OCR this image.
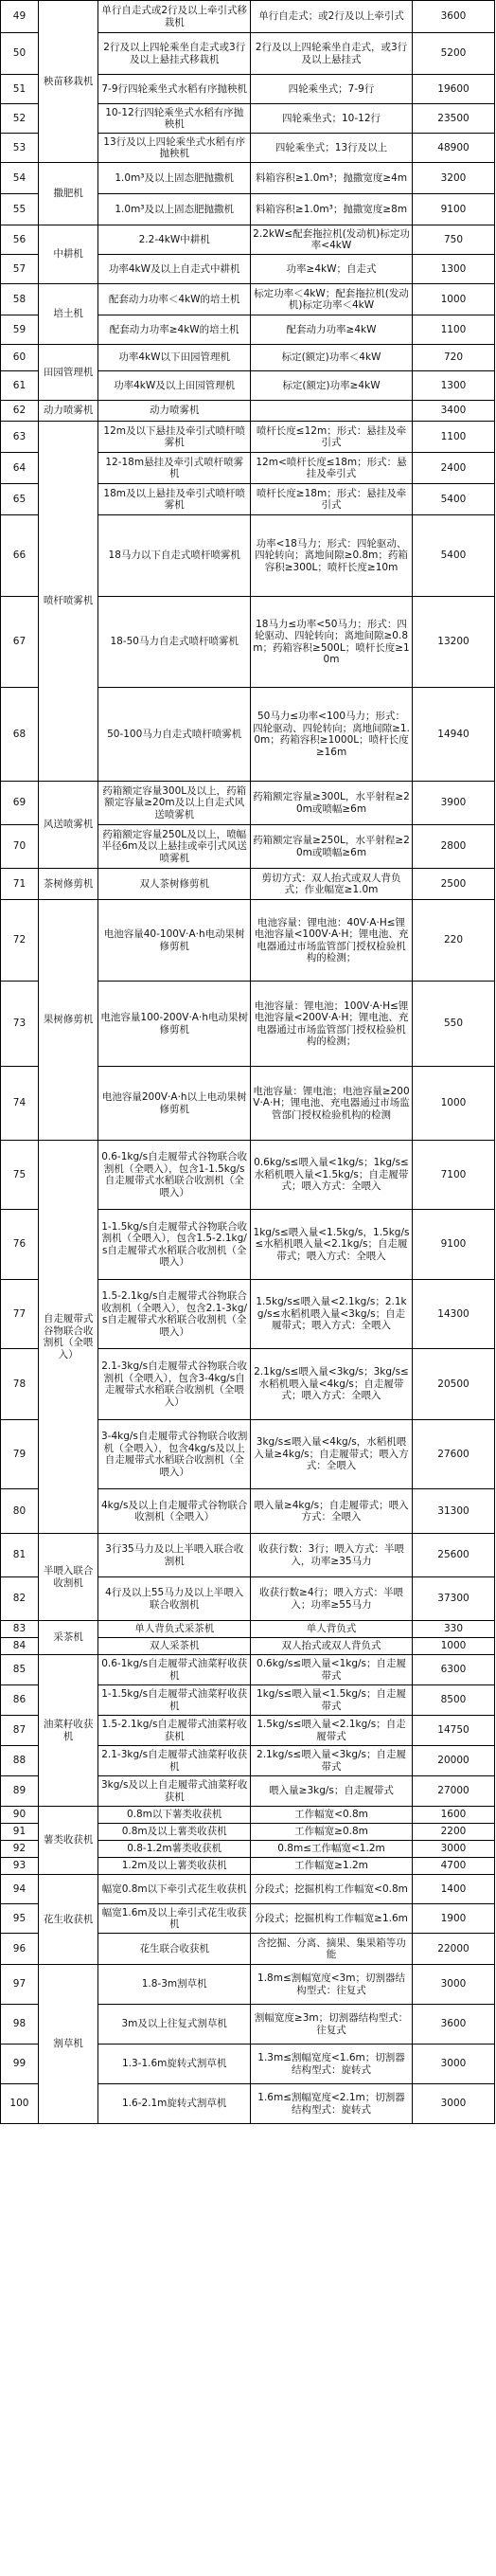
49	秧苗移栽机	单行自走式或2行及以上牵引式移栽机	单行自走式；或2行及以上牵引式	3600
50		2行及以上四轮乘坐自走式或3行及以上悬挂式移栽机	2行及以上四轮乘坐自走式，或3行及以上悬挂式	5200
51		7-9行四轮乘坐式水稻有序抛秧机	四轮乘坐式；7-9行	19600
52		10-12行四轮乘坐式水稻有序抛秧机	四轮乘坐式；10-12行	23500
53		13行及以上四轮乘坐式水稻有序抛秧机	四轮乘坐式；13行及以上	48900
54	撒肥机	1.0m³及以上固态肥抛撒机	料箱容积≥1.0m³；抛撒宽度≥4m	3200
55		1.0m³及以上固态肥抛撒机	料箱容积≥1.0m³；抛撒宽度≥8m	9100
56	中耕机	2.2-4kW中耕机	2.2kW≤配套拖拉机(发动机)标定功率<4kW	750
57		功率4kW及以上自走式中耕机	功率≥4kW；自走式	1300
58	培土机	配套动力功率＜4kW的培土机	标定功率＜4kW；配套拖拉机(发动机)标定功率＜4kW	1000
59		配套动力功率≥4kW的培土机	配套动力功率≥4kW	1100
60	田园管理机	功率4kW以下田园管理机	标定(额定)功率＜4kW	720
61		功率4kW及以上田园管理机	标定(额定)功率≥4kW	1300
62	动力喷雾机	动力喷雾机		3400
63	喷杆喷雾机	12m及以下悬挂及牵引式喷杆喷雾机	喷杆长度≤12m；形式：悬挂及牵引式	1100
64		12-18m悬挂及牵引式喷杆喷雾机	12m<喷杆长度≤18m；形式：悬挂及牵引式	2400
65		18m及以上悬挂及牵引式喷杆喷雾机	喷杆长度≥18m；形式：悬挂及牵引式	5400
66		18马力以下自走式喷杆喷雾机	功率<18马力；形式：四轮驱动、四轮转向；离地间隙≥0.8m；药箱容积≥300L；喷杆长度≥10m	5400
67		18-50马力自走式喷杆喷雾机	18马力≤功率<50马力；形式：四轮驱动、四轮转向；离地间隙≥0.8m；药箱容积≥500L；喷杆长度≥10m	13200
68		50-100马力自走式喷杆喷雾机	50马力≤功率<100马力；形式：四轮驱动、四轮转向；离地间隙≥1.0m；药箱容积≥1000L；喷杆长度≥16m	14940
69	风送喷雾机	药箱额定容量300L及以上，药箱额定容量≥20m及以上自走式风送喷雾机	药箱额定容量≥300L，水平射程≥20m或喷幅≥6m	3900
70		药箱额定容量250L及以上，喷幅半径6m及以上悬挂或牵引式风送喷雾机	药箱额定容量≥250L，水平射程≥20m或喷幅≥6m	2800
71	茶树修剪机	双人茶树修剪机	剪切方式：双人抬式或双人背负式；作业幅宽≥1.0m	2500
72	果树修剪机	电池容量40-100V·A·h电动果树修剪机	电池容量：锂电池：40V·A·H≤锂电池容量<100V·A·H；锂电池、充电器通过市场监管部门授权检验机构的检测；	220
73		电池容量100-200V·A·h电动果树修剪机	电池容量：锂电池；100V·A·H≤锂电池容量<200V·A·H；锂电池、充电器通过市场监管部门授权检验机构的检测；	550
74		电池容量200V·A·h以上电动果树修剪机	电池容量：锂电池；电池容量≥200V·A·H；锂电池、充电器通过市场监管部门授权检验机构的检测	1000
75	自走履带式谷物联合收割机（全喂入）	0.6-1kg/s自走履带式谷物联合收割机（全喂入），包含1-1.5kg/s自走履带式水稻联合收割机（全喂入）	0.6kg/s≤喂入量<1kg/s；1kg/s≤水稻机喂入量<1.5kg/s；自走履带式；喂入方式：全喂入	7100
76		1-1.5kg/s自走履带式谷物联合收割机（全喂入），包含1.5-2.1kg/s自走履带式水稻联合收割机（全喂入）	1kg/s≤喂入量<1.5kg/s，1.5kg/s≤水稻机喂入量<2.1kg/s；自走履带式；喂入方式：全喂入	9100
77		1.5-2.1kg/s自走履带式谷物联合收割机（全喂入），包含2.1-3kg/s自走履带式水稻联合收割机（全喂入）	1.5kg/s≤喂入量<2.1kg/s；2.1kg/s≤水稻机喂入量<3kg/s；自走履带式；喂入方式：全喂入	14300
78		2.1-3kg/s自走履带式谷物联合收割机（全喂入），包含3-4kg/s自走履带式水稻联合收割机（全喂入）	2.1kg/s≤喂入量<3kg/s；3kg/s≤水稻机喂入量<4kg/s；自走履带式；喂入方式：全喂入	20500
79		3-4kg/s自走履带式谷物联合收割机（全喂入），包含4kg/s及以上自走履带式水稻联合收割机（全喂入）	3kg/s≤喂入量<4kg/s，水稻机喂入量≥4kg/s；自走履带式；喂入方式：全喂入	27600
80		4kg/s及以上自走履带式谷物联合收割机（全喂入）	喂入量≥4kg/s；自走履带式；喂入方式：全喂入	31300
81	半喂入联合收割机	3行35马力及以上半喂入联合收割机	收获行数：3行；喂入方式：半喂入，功率≥35马力	25600
82		4行及以上55马力及以上半喂入联合收割机	收获行数≥4行；喂入方式：半喂入；功率≥55马力	37300
83	采茶机	单人背负式采茶机	单人背负式	330
84		双人采茶机	双人抬式或双人背负式	1000
85	油菜籽收获机	0.6-1kg/s自走履带式油菜籽收获机	0.6kg/s≤喂入量<1kg/s；自走履带式	6300
86		1-1.5kg/s自走履带式油菜籽收获机	1kg/s≤喂入量<1.5kg/s；自走履带式	8500
87		1.5-2.1kg/s自走履带式油菜籽收获机	1.5kg/s≤喂入量<2.1kg/s；自走履带式	14750
88		2.1-3kg/s自走履带式油菜籽收获机	2.1kg/s≤喂入量<3kg/s；自走履带式	20000
89		3kg/s及以上自走履带式油菜籽收获机	喂入量≥3kg/s；自走履带式	27000
90	薯类收获机	0.8m以下薯类收获机	工作幅宽<0.8m	1600
91		0.8m及以上薯类收获机	工作幅宽≥0.8m	2200
92		0.8-1.2m薯类收获机	0.8m≤工作幅宽<1.2m	3000
93		1.2m及以上薯类收获机	工作幅宽≥1.2m	4700
94	花生收获机	幅宽0.8m以下牵引式花生收获机	分段式；挖掘机构工作幅宽<0.8m	1400
95		幅宽1.6m及以上牵引式花生收获机	分段式；挖掘机构工作幅宽≥1.6m	1900
96		花生联合收获机	含挖掘、分离、摘果、集果箱等功能	22000
97	割草机	1.8-3m割草机	1.8m≤割幅宽度<3m；切割器结构型式：往复式	3000
98		3m及以上往复式割草机	割幅宽度≥3m；切割器结构型式：往复式	3600
99		1.3-1.6m旋转式割草机	1.3m≤割幅宽度<1.6m；切割器结构型式：旋转式	3000
100		1.6-2.1m旋转式割草机	1.6m≤割幅宽度<2.1m；切割器结构型式：旋转式	3000
